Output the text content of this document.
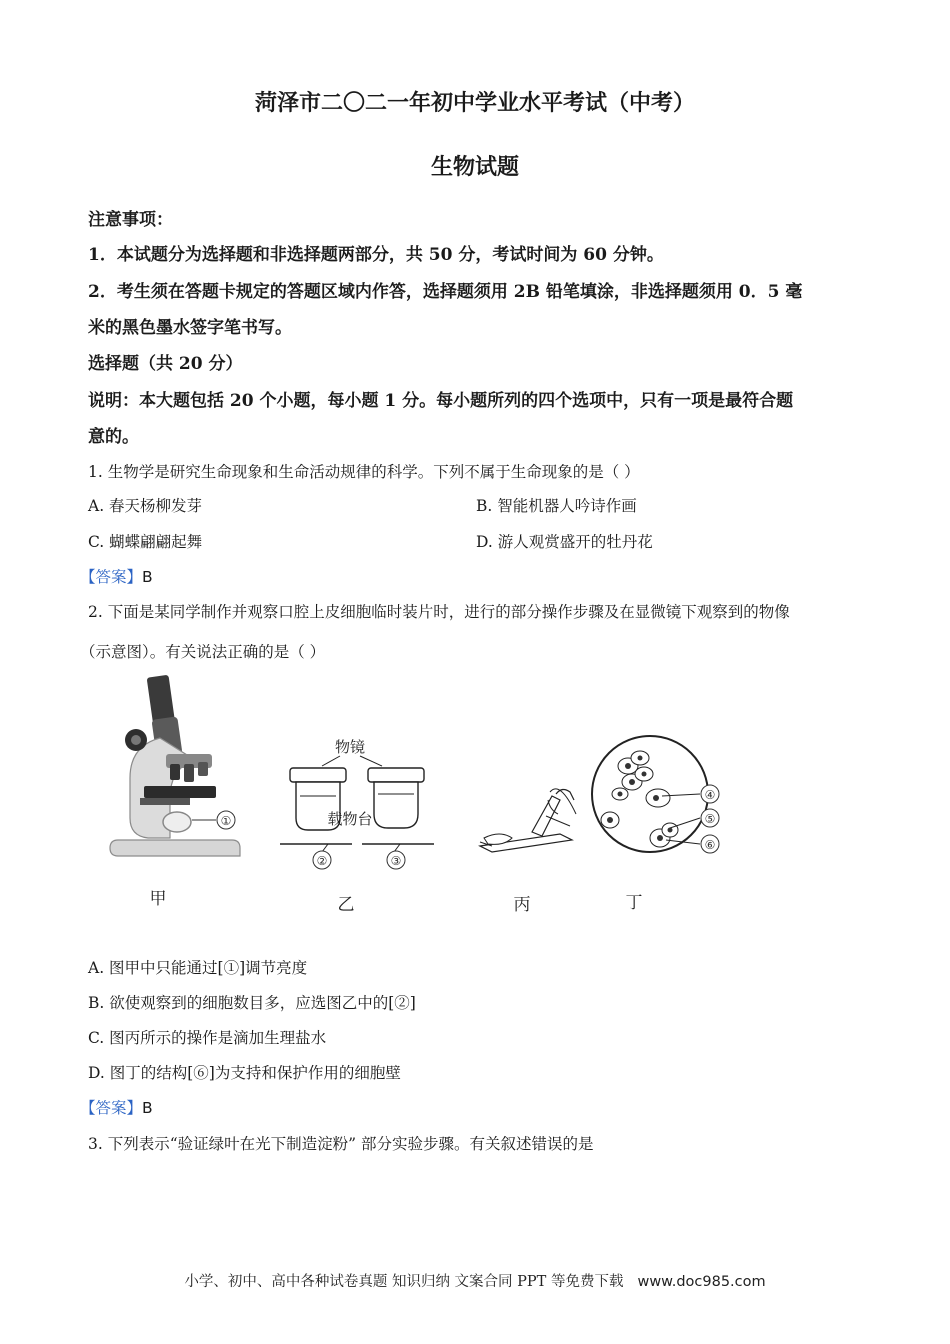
菏泽市二〇二一年初中学业水平考试（中考）
生物试题
注意事项：
1．本试题分为选择题和非选择题两部分，共 50 分，考试时间为 60 分钟。
2．考生须在答题卡规定的答题区域内作答，选择题须用 2B 铅笔填涂，非选择题须用 0．5 毫
米的黑色墨水签字笔书写。
选择题（共 20 分）
说明：本大题包括 20 个小题，每小题 1 分。每小题所列的四个选项中，只有一项是最符合题
意的。
1. 生物学是研究生命现象和生命活动规律的科学。下列不属于生命现象的是（ ）
A. 春天杨柳发芽	B. 智能机器人吟诗作画
C. 蝴蝶翩翩起舞	D. 游人观赏盛开的牡丹花
【答案】B
2. 下面是某同学制作并观察口腔上皮细胞临时装片时，进行的部分操作步骤及在显微镜下观察到的物像
（示意图）。有关说法正确的是（ ）
①
物镜
载物台
②	③
④
⑤
⑥
甲	乙	丙	丁
A. 图甲中只能通过[①]调节亮度
B. 欲使观察到的细胞数目多，应选图乙中的[②]
C. 图丙所示的操作是滴加生理盐水
D. 图丁的结构[⑥]为支持和保护作用的细胞壁
【答案】B
3. 下列表示“验证绿叶在光下制造淀粉” 部分实验步骤。有关叙述错误的是
小学、初中、高中各种试卷真题 知识归纳 文案合同 PPT 等免费下载 www.doc985.com
